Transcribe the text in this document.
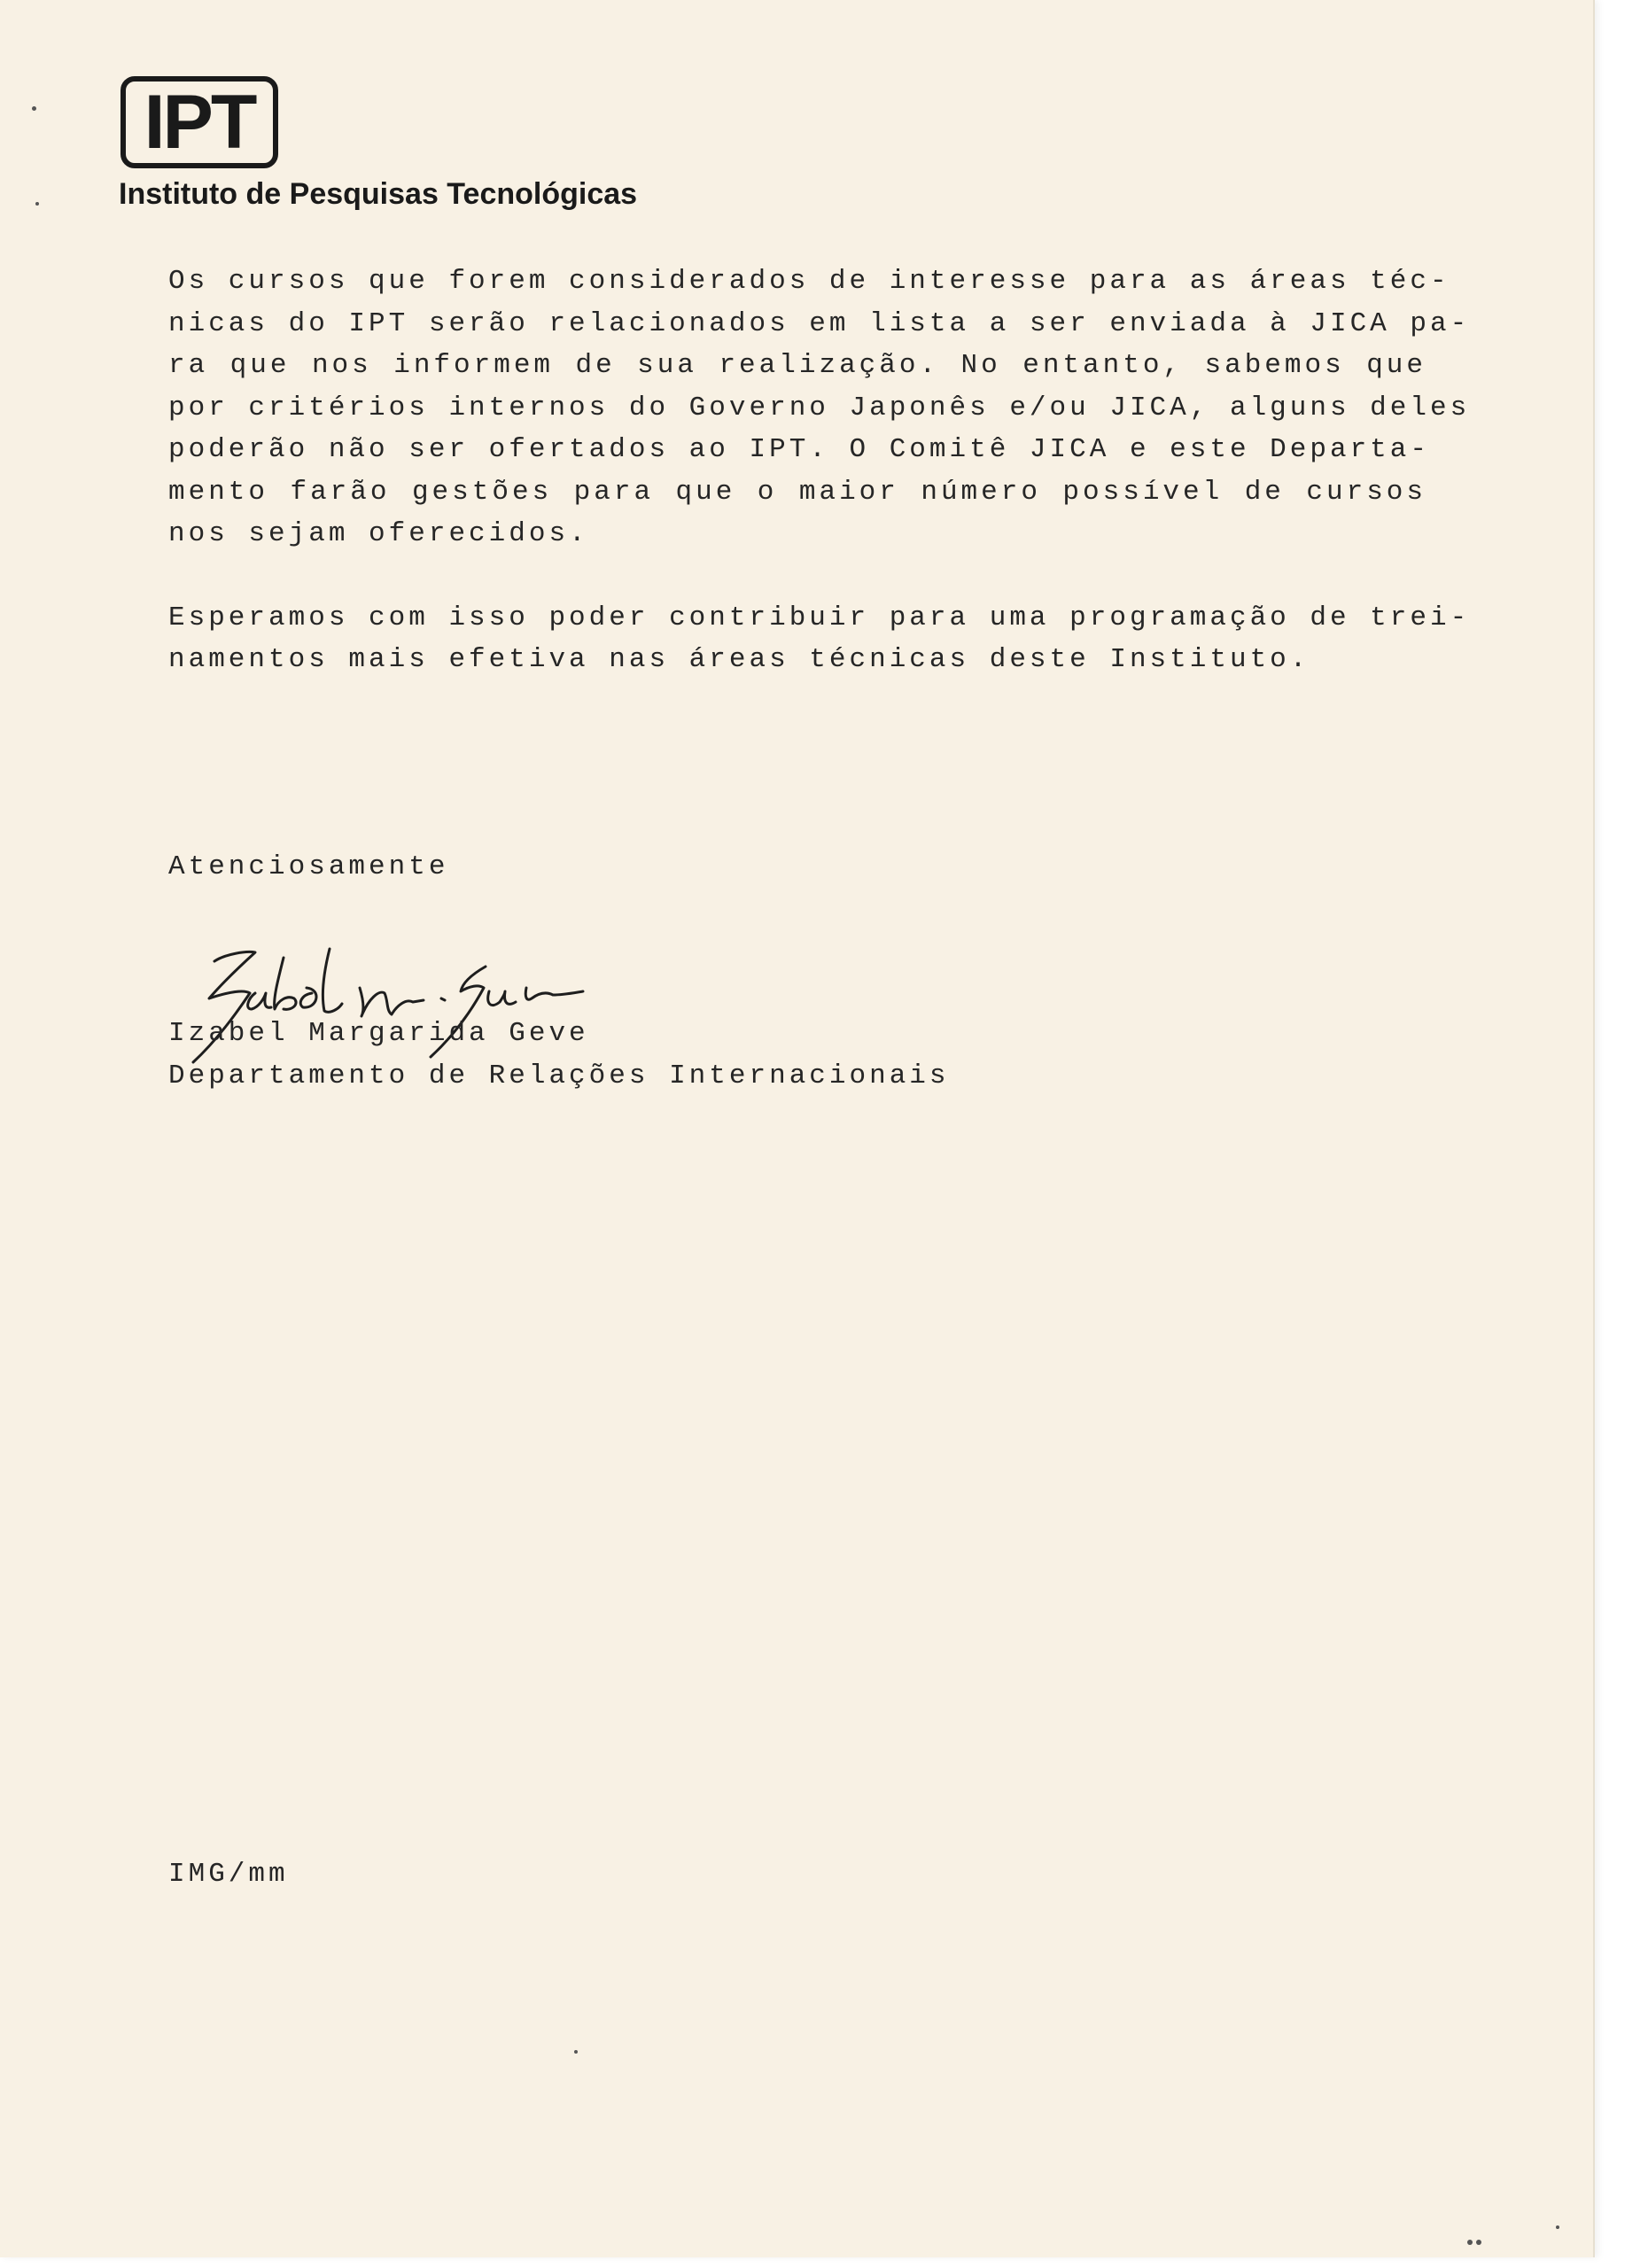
IPT
Instituto de Pesquisas Tecnológicas
Os cursos que forem considerados de interesse para as áreas téc-
nicas do IPT serão relacionados em lista a ser enviada à JICA pa-
ra que nos informem de sua realização. No entanto, sabemos que
por critérios internos do Governo Japonês e/ou JICA, alguns deles
poderão não ser ofertados ao IPT. O Comitê JICA e este Departa-
mento farão gestões para que o maior número possível de cursos
nos sejam oferecidos.
Esperamos com isso poder contribuir para uma programação de trei-
namentos mais efetiva nas áreas técnicas deste Instituto.
Atenciosamente
Izabel Margarida Geve
Departamento de Relações Internacionais
IMG/mm
